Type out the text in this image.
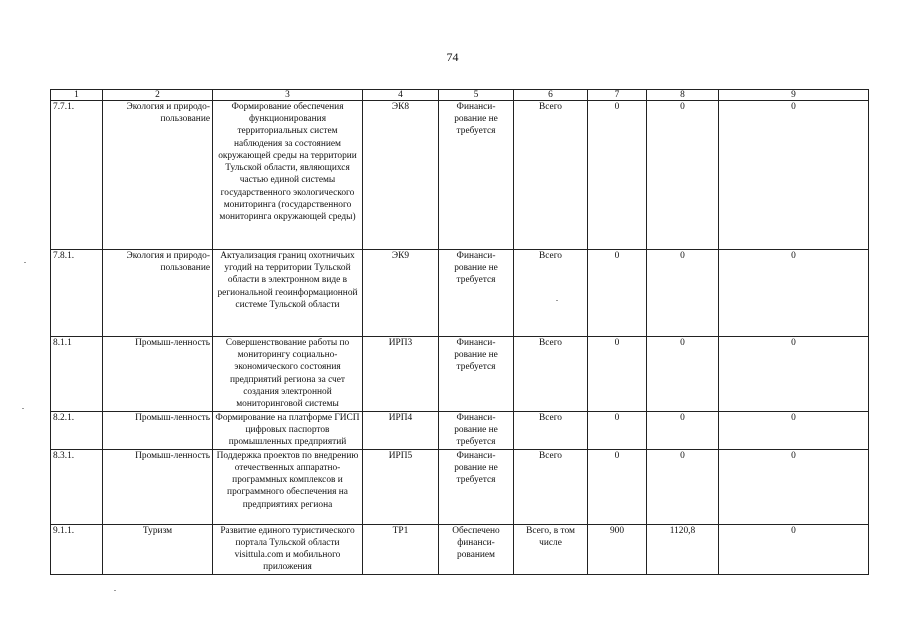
74
1	2	3	4	5	6	7	8	9	
7.7.1.	Экология и природо-пользование	Формирование обеспечения функционирования территориальных систем наблюдения за состоянием окружающей среды на территории Тульской области, являющихся частью единой системы государственного экологического мониторинга (государственного мониторинга окружающей среды)	ЭК8	Финанси-рование не требуется	Всего	0	0	0	
7.8.1.	Экология и природо-пользование	Актуализация границ охотничьих угодий на территории Тульской области в электронном виде в региональной геоинформационной системе Тульской области	ЭК9	Финанси-рование не требуется	Всего	0	0	0	
8.1.1	Промыш-ленность	Совершенствование работы по мониторингу социально-экономического состояния предприятий региона за счет создания электронной мониторинговой системы	ИРП3	Финанси-рование не требуется	Всего	0	0	0	
8.2.1.	Промыш-ленность	Формирование на платформе ГИСП цифровых паспортов промышленных предприятий	ИРП4	Финанси-рование не требуется	Всего	0	0	0	
8.3.1.	Промыш-ленность	Поддержка проектов по внедрению отечественных аппаратно-программных комплексов и программного обеспечения на предприятиях региона	ИРП5	Финанси-рование не требуется	Всего	0	0	0	
9.1.1.	Туризм	Развитие единого туристического портала Тульской области visittula.com и мобильного приложения	ТР1	Обеспечено финанси-рованием	Всего, в том числе	900	1120,8	0	
